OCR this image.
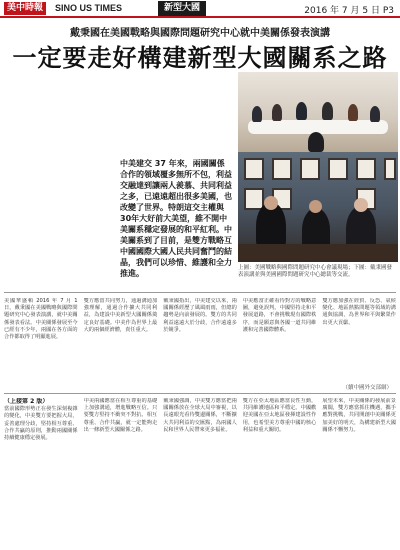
美中時報	SINO US TIMES	新型大國	2016 年 7 月 5 日 P3
戴秉國在美國戰略與國際問題研究中心就中美關係發表演講
一定要走好構建新型大國關系之路
中美建交 37 年來，兩國關係合作的領域覆多無所不包，利益交融達到讓兩人羨慕、共同利益之多，已遠遠超出很多美國，也改變了世界。特朗這交主權與30年大好前大美望，維不開中美關系穩定發展的和平紅利。中美關系到了目前，是雙方戰略互中國國際大國人民共同奮鬥的結晶，我們可以珍惜、維護和全力推進。
上圖：美國戰略與國際問題研究中心會議現場；下圖：戴秉國發表演講並與美國國際問題研究中心總裁等交流。
美國華盛頓 2016 年 7 月 1 日，戴秉國在美國戰略與國際問題研究中心發表演講，就中美關係發表看法。中美關係發展至今已經有不少年，兩國在各方面的合作都取得了明顯進展。
雙方應當共同努力，通過溝通加強理解，通過合作擴大共同利益，為建設中美新型大國關係奠定良好基礎。中美作為世界上最大的兩個經濟體，責任重大。
戴秉國指出，中美建交以來，兩國關係經歷了風風雨雨，但總的趨勢是向前發展的。雙方的共同利益遠遠大於分歧，合作遠遠多於競爭。
中美應當正確看待對方的戰略意圖，避免誤判。中國堅持走和平發展道路，不會挑戰現有國際秩序，而是願意與各國一道共同維護和完善國際體系。
雙方應加強在經貿、反恐、氣候變化、地區熱點問題等領域的溝通與協調，為世界和平與繁榮作出更大貢獻。
（續中國外交部網）
（上接第 2 版）
當前國際形勢正在發生深刻複雜的變化，中美雙方要把握大局，妥善處理分歧，堅持相互尊重、合作共贏的原則，推動兩國關係持續健康穩定發展。
中美兩國應當在相互尊重的基礎上加強溝通，增進戰略互信。只要雙方堅持不衝突不對抗、相互尊重、合作共贏，就一定能夠走出一條新型大國關係之路。
戴秉國強調，中美雙方應當把兩國關係放在全球大局中審視，以長遠眼光看待雙邊關係，不斷擴大共同利益的交匯點，為兩國人民和世界人民帶來更多福祉。
雙方在亞太地區應當良性互動，共同維護地區和平穩定。中國歡迎美國在亞太地區發揮建設性作用，也希望美方尊重中國的核心利益和重大關切。
展望未來，中美關係的發展前景廣闊，雙方應當抓住機遇，攜手應對挑戰，共同開創中美關係更加美好的明天，為構建新型大國關係不懈努力。
